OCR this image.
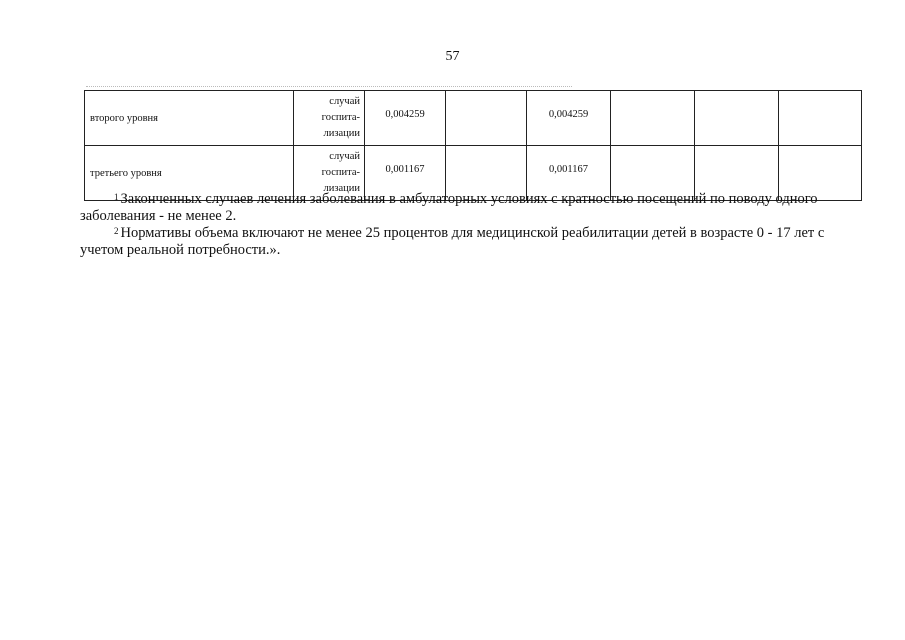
57
второго уровня	случай
госпита-
лизации	0,004259		0,004259			
третьего уровня	случай
госпита-
лизации	0,001167		0,001167			

$^1$ Законченных случаев лечения заболевания в амбулаторных условиях с кратностью посещений по поводу одного заболевания - не менее 2.

$^2$ Нормативы объема включают не менее 25 процентов для медицинской реабилитации детей в возрасте 0 - 17 лет с учетом реальной потребности.».
